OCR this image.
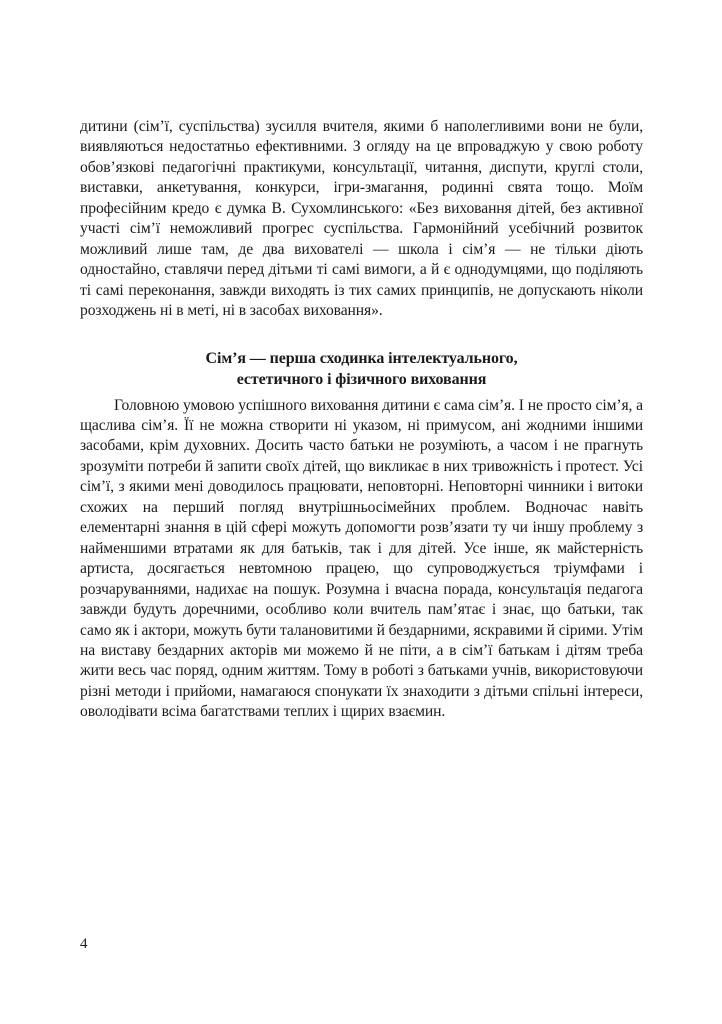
дитини (сім’ї, суспільства) зусилля вчителя, якими б наполегливими вони не були, виявляються недостатньо ефективними. З огляду на це впроваджую у свою роботу обов’язкові педагогічні практикуми, консультації, читання, диспути, круглі столи, виставки, анкетування, конкурси, ігри-змагання, родинні свята тощо. Моїм професійним кредо є думка В. Сухомлинського: «Без виховання дітей, без активної участі сім’ї неможливий прогрес суспільства. Гармонійний усебічний розвиток можливий лише там, де два вихователі — школа і сім’я — не тільки діють одностайно, ставлячи перед дітьми ті самі вимоги, а й є однодумцями, що поділяють ті самі переконання, завжди виходять із тих самих принципів, не допускають ніколи розходжень ні в меті, ні в засобах виховання».

Сім’я — перша сходинка інтелектуального,
естетичного і фізичного виховання

Головною умовою успішного виховання дитини є сама сім’я. І не просто сім’я, а щаслива сім’я. Її не можна створити ні указом, ні примусом, ані жодними іншими засобами, крім духовних. Досить часто батьки не розуміють, а часом і не прагнуть зрозуміти потреби й запити своїх дітей, що викликає в них тривожність і протест. Усі сім’ї, з якими мені доводилось працювати, неповторні. Неповторні чинники і витоки схожих на перший погляд внутрішньосімейних проблем. Водночас навіть елементарні знання в цій сфері можуть допомогти розв’язати ту чи іншу проблему з найменшими втратами як для батьків, так і для дітей. Усе інше, як майстерність артиста, досягається невтомною працею, що супроводжується тріумфами і розчаруваннями, надихає на пошук. Розумна і вчасна порада, консультація педагога завжди будуть доречними, особливо коли вчитель пам’ятає і знає, що батьки, так само як і актори, можуть бути талановитими й бездарними, яскравими й сірими. Утім на виставу бездарних акторів ми можемо й не піти, а в сім’ї батькам і дітям треба жити весь час поряд, одним життям. Тому в роботі з батьками учнів, використовуючи різні методи і прийоми, намагаюся спонукати їх знаходити з дітьми спільні інтереси, оволодівати всіма багатствами теплих і щирих взаємин.

4
